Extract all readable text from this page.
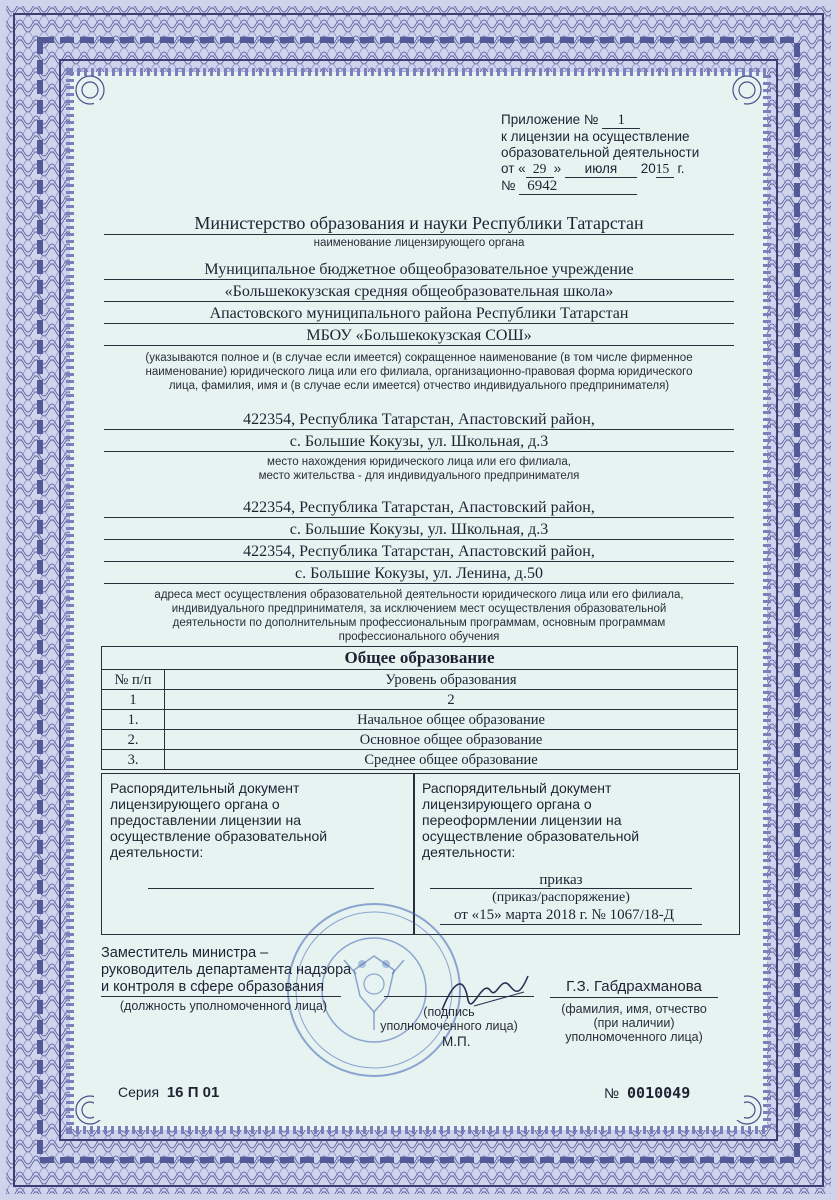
Приложение № 1
к лицензии на осуществление
образовательной деятельности
от « 29 » июля 2015 г.
№ 6942
Министерство образования и науки Республики Татарстан
наименование лицензирующего органа
Муниципальное бюджетное общеобразовательное учреждение
«Большекокузская средняя общеобразовательная школа»
Апастовского муниципального района Республики Татарстан
МБОУ «Большекокузская СОШ»
(указываются полное и (в случае если имеется) сокращенное наименование (в том числе фирменное
наименование) юридического лица или его филиала, организационно-правовая форма юридического
лица, фамилия, имя и (в случае если имеется) отчество индивидуального предпринимателя)
422354, Республика Татарстан, Апастовский район,
с. Большие Кокузы, ул. Школьная, д.3
место нахождения юридического лица или его филиала,
место жительства - для индивидуального предпринимателя
422354, Республика Татарстан, Апастовский район,
с. Большие Кокузы, ул. Школьная, д.3
422354, Республика Татарстан, Апастовский район,
с. Большие Кокузы, ул. Ленина, д.50
адреса мест осуществления образовательной деятельности юридического лица или его филиала,
индивидуального предпринимателя, за исключением мест осуществления образовательной
деятельности по дополнительным профессиональным программам, основным программам
профессионального обучения
Общее образование	
№ п/п	Уровень образования
1	2
1.	Начальное общее образование
2.	Основное общее образование
3.	Среднее общее образование
Распорядительный документ
лицензирующего органа о
предоставлении лицензии на
осуществление образовательной
деятельности:
Распорядительный документ
лицензирующего органа о
переоформлении лицензии на
осуществление образовательной
деятельности:
приказ
(приказ/распоряжение)
от «15» марта 2018 г. № 1067/18-Д
Заместитель министра –
руководитель департамента надзора
и контроля в сфере образования
(должность уполномоченного лица)	(подпись
уполномоченного лица)
М.П.
Г.З. Габдрахманова
(фамилия, имя, отчество
(при наличии)
уполномоченного лица)
Серия 16 П 01	№ 0010049
